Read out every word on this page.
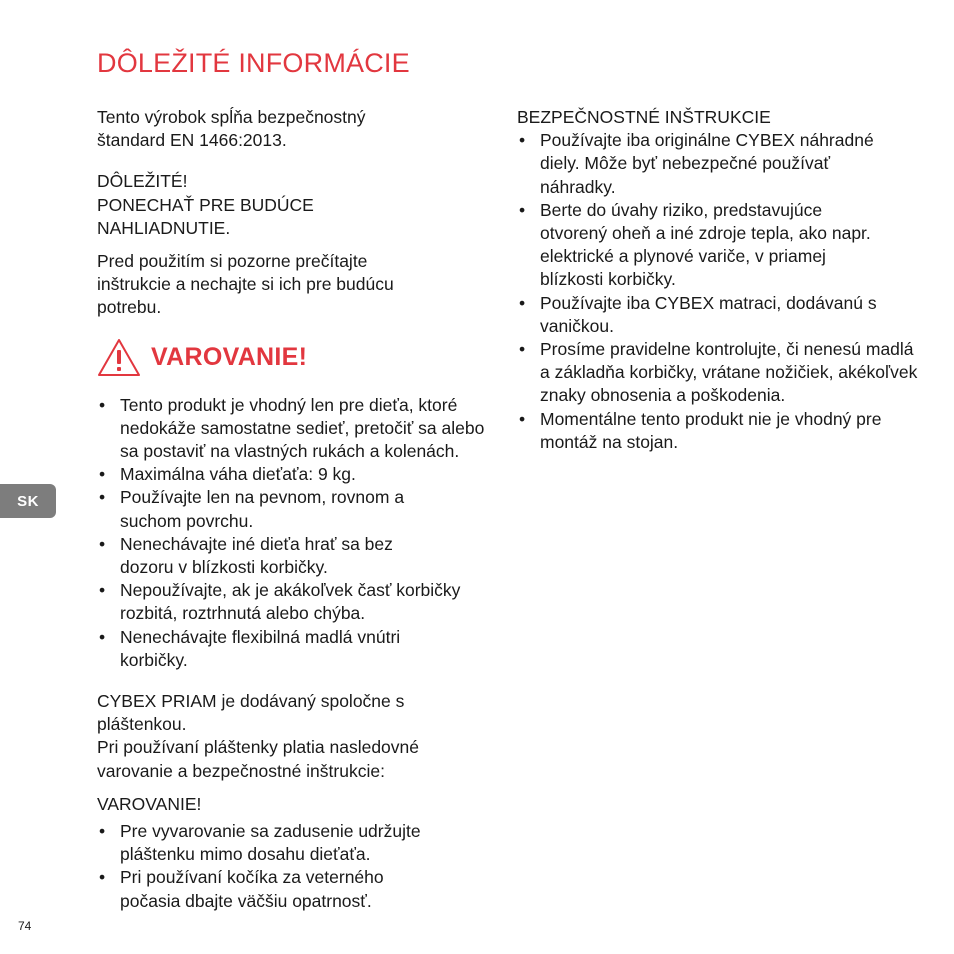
DÔLEŽITÉ INFORMÁCIE

Tento výrobok spĺňa bezpečnostný štandard EN 1466:2013.

DÔLEŽITÉ!

PONECHAŤ PRE BUDÚCE

NAHLIADNUTIE.

Pred použitím si pozorne prečítajte inštrukcie a nechajte si ich pre budúcu potrebu.

VAROVANIE!
• Tento produkt je vhodný len pre dieťa, ktoré nedokáže samostatne sedieť, pretočiť sa alebo sa postaviť na vlastných rukách a kolenách.
• Maximálna váha dieťaťa: 9 kg.
• Používajte len na pevnom, rovnom a suchom povrchu.
• Nenechávajte iné dieťa hrať sa bez dozoru v blízkosti korbičky.
• Nepoužívajte, ak je akákoľvek časť korbičky rozbitá, roztrhnutá alebo chýba.
• Nenechávajte flexibilná madlá vnútri korbičky.

CYBEX PRIAM je dodávaný spoločne s pláštenkou.

Pri používaní pláštenky platia nasledovné varovanie a bezpečnostné inštrukcie:

VAROVANIE!

• Pre vyvarovanie sa zadusenie udržujte pláštenku mimo dosahu dieťaťa.
• Pri používaní kočíka za veterného počasia dbajte väčšiu opatrnosť.

BEZPEČNOSTNÉ INŠTRUKCIE

• Používajte iba originálne CYBEX náhradné diely. Môže byť nebezpečné používať náhradky.
• Berte do úvahy riziko, predstavujúce otvorený oheň a iné zdroje tepla, ako napr. elektrické a plynové variče, v priamej blízkosti korbičky.
• Používajte iba CYBEX matraci, dodávanú s vaničkou.
• Prosíme pravidelne kontrolujte, či nenesú madlá a základňa korbičky, vrátane nožičiek, akékoľvek znaky obnosenia a poškodenia.
• Momentálne tento produkt nie je vhodný pre montáž na stojan.
SK
74
